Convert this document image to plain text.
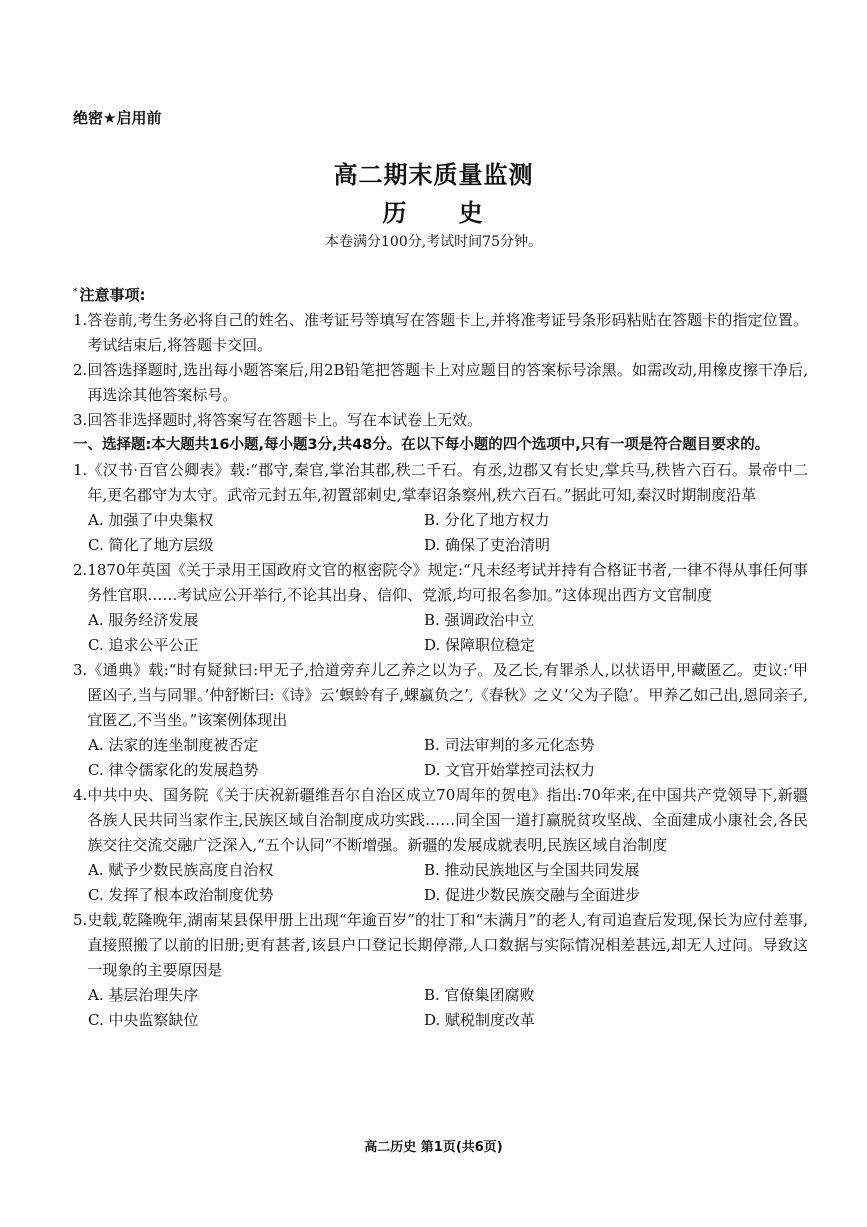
绝密★启用前
高二期末质量监测
历 史
本卷满分100分,考试时间75分钟。
* 注意事项:
1. 答卷前,考生务必将自己的姓名、准考证号等填写在答题卡上,并将准考证号条形码粘贴在答题卡的指定位置。考试结束后,将答题卡交回。
2. 回答选择题时,选出每小题答案后,用2B铅笔把答题卡上对应题目的答案标号涂黑。如需改动,用橡皮擦干净后,再选涂其他答案标号。
3. 回答非选择题时,将答案写在答题卡上。写在本试卷上无效。
一、 选择题:本大题共16小题,每小题3分,共48分。在以下每小题的四个选项中,只有一项是符合题目要求的。
1. 《汉书·百官公卿表》载:“郡守,秦官,掌治其郡,秩二千石。有丞,边郡又有长史,掌兵马,秩皆六百石。景帝中二年,更名郡守为太守。武帝元封五年,初置部刺史,掌奉诏条察州,秩六百石。”据此可知,秦汉时期制度沿革
A. 加强了中央集权	B. 分化了地方权力
C. 简化了地方层级	D. 确保了吏治清明
2. 1870年英国《关于录用王国政府文官的枢密院令》规定:“凡未经考试并持有合格证书者,一律不得从事任何事务性官职……考试应公开举行,不论其出身、信仰、党派,均可报名参加。”这体现出西方文官制度
A. 服务经济发展	B. 强调政治中立
C. 追求公平公正	D. 保障职位稳定
3. 《通典》载:“时有疑狱曰:甲无子,拾道旁弃儿乙养之以为子。及乙长,有罪杀人,以状语甲,甲藏匿乙。吏议:‘甲匿凶子,当与同罪。’仲舒断曰:《诗》云‘螟蛉有子,蜾蠃负之’,《春秋》之义‘父为子隐’。甲养乙如己出,恩同亲子,宜匿乙,不当坐。”该案例体现出
A. 法家的连坐制度被否定	B. 司法审判的多元化态势
C. 律令儒家化的发展趋势	D. 文官开始掌控司法权力
4. 中共中央、国务院《关于庆祝新疆维吾尔自治区成立70周年的贺电》指出:70年来,在中国共产党领导下,新疆各族人民共同当家作主,民族区域自治制度成功实践……同全国一道打赢脱贫攻坚战、全面建成小康社会,各民族交往交流交融广泛深入,“五个认同”不断增强。新疆的发展成就表明,民族区域自治制度
A. 赋予少数民族高度自治权	B. 推动民族地区与全国共同发展
C. 发挥了根本政治制度优势	D. 促进少数民族交融与全面进步
5. 史载,乾隆晚年,湖南某县保甲册上出现“年逾百岁”的壮丁和“未满月”的老人,有司追查后发现,保长为应付差事,直接照搬了以前的旧册;更有甚者,该县户口登记长期停滞,人口数据与实际情况相差甚远,却无人过问。导致这一现象的主要原因是
A. 基层治理失序	B. 官僚集团腐败
C. 中央监察缺位	D. 赋税制度改革
高二历史 第1页(共6页)
